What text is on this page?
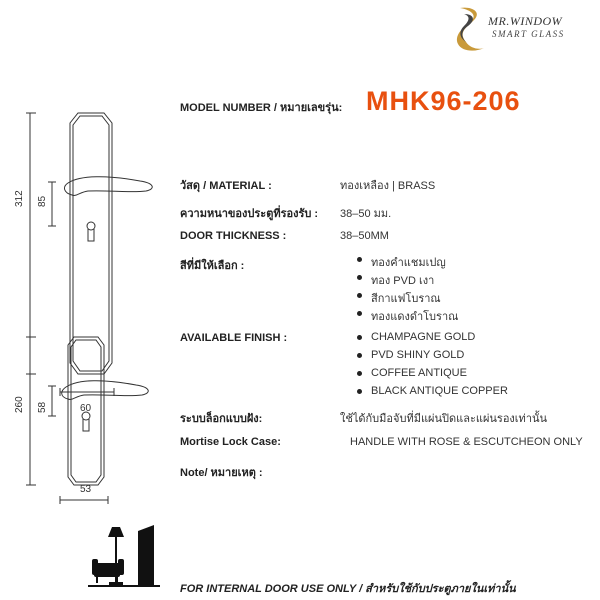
MR.WINDOW
SMART GLASS
312 85
60
260 58
53
MODEL NUMBER / หมายเลขรุ่น: MHK96-206
วัสดุ / MATERIAL :	ทองเหลือง | BRASS
ความหนาของประตูที่รองรับ : 38–50 มม.
DOOR THICKNESS :	38–50MM
สีที่มีให้เลือก :	ทองคำแชมเปญ
ทอง PVD เงา
สีกาแฟโบราณ
ทองแดงดำโบราณ
AVAILABLE FINISH :	CHAMPAGNE GOLD
PVD SHINY GOLD
COFFEE ANTIQUE
BLACK ANTIQUE COPPER
ระบบล็อกแบบฝัง:	ใช้ได้กับมือจับที่มีแผ่นปิดและแผ่นรองเท่านั้น
Mortise Lock Case:	HANDLE WITH ROSE & ESCUTCHEON ONLY
Note/ หมายเหตุ :
FOR INTERNAL DOOR USE ONLY / สำหรับใช้กับประตูภายในเท่านั้น
